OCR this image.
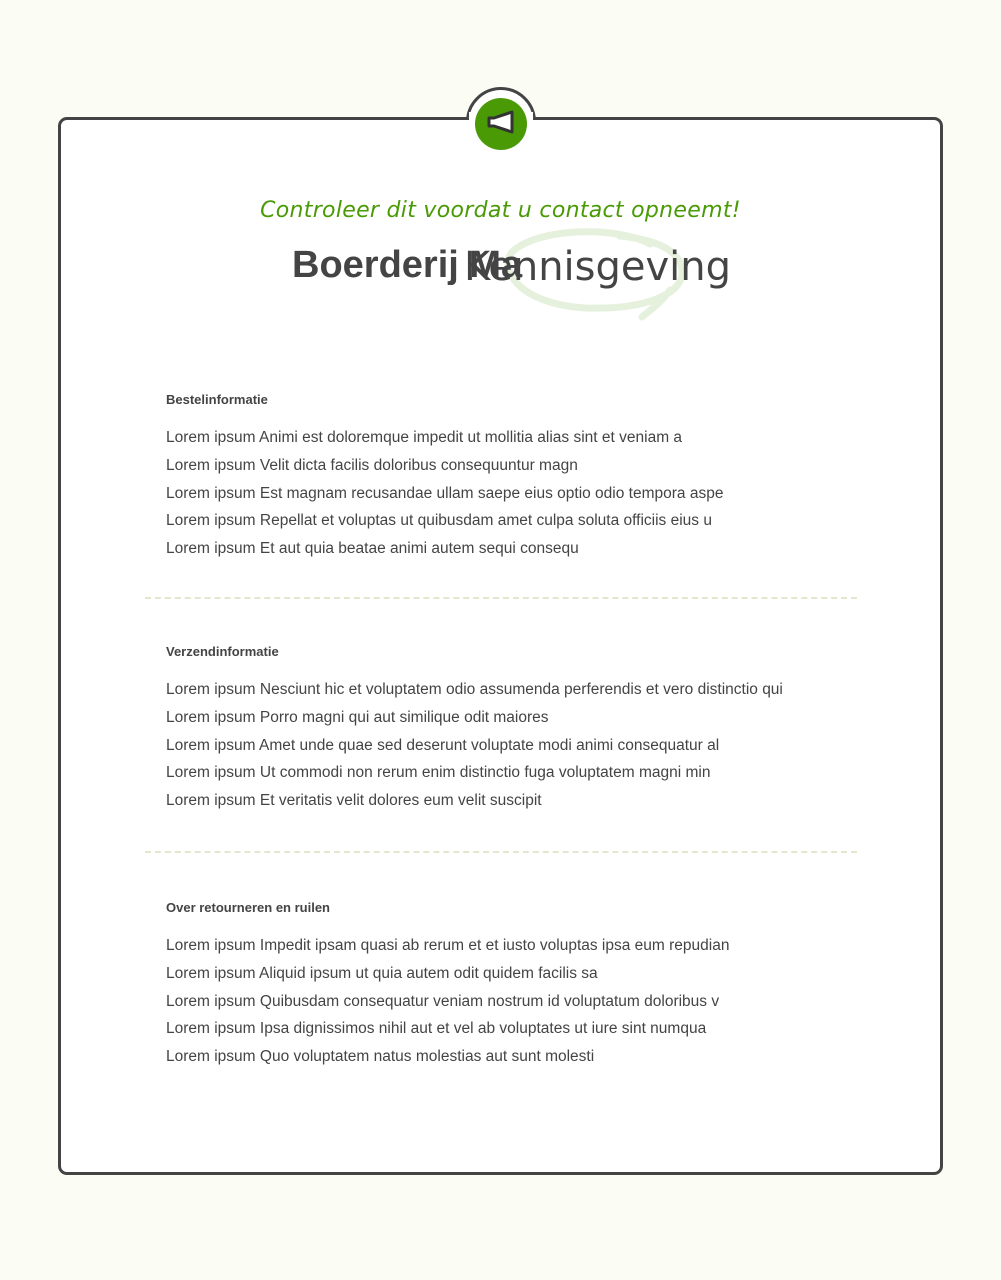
Controleer dit voordat u contact opneemt!
Boerderij Ma
Kennisgeving
Bestelinformatie
Lorem ipsum Animi est doloremque impedit ut mollitia alias sint et veniam a
Lorem ipsum Velit dicta facilis doloribus consequuntur magn
Lorem ipsum Est magnam recusandae ullam saepe eius optio odio tempora aspe
Lorem ipsum Repellat et voluptas ut quibusdam amet culpa soluta officiis eius u
Lorem ipsum Et aut quia beatae animi autem sequi consequ
Verzendinformatie
Lorem ipsum Nesciunt hic et voluptatem odio assumenda perferendis et vero distinctio qui
Lorem ipsum Porro magni qui aut similique odit maiores
Lorem ipsum Amet unde quae sed deserunt voluptate modi animi consequatur al
Lorem ipsum Ut commodi non rerum enim distinctio fuga voluptatem magni min
Lorem ipsum Et veritatis velit dolores eum velit suscipit
Over retourneren en ruilen
Lorem ipsum Impedit ipsam quasi ab rerum et et iusto voluptas ipsa eum repudian
Lorem ipsum Aliquid ipsum ut quia autem odit quidem facilis sa
Lorem ipsum Quibusdam consequatur veniam nostrum id voluptatum doloribus v
Lorem ipsum Ipsa dignissimos nihil aut et vel ab voluptates ut iure sint numqua
Lorem ipsum Quo voluptatem natus molestias aut sunt molesti
